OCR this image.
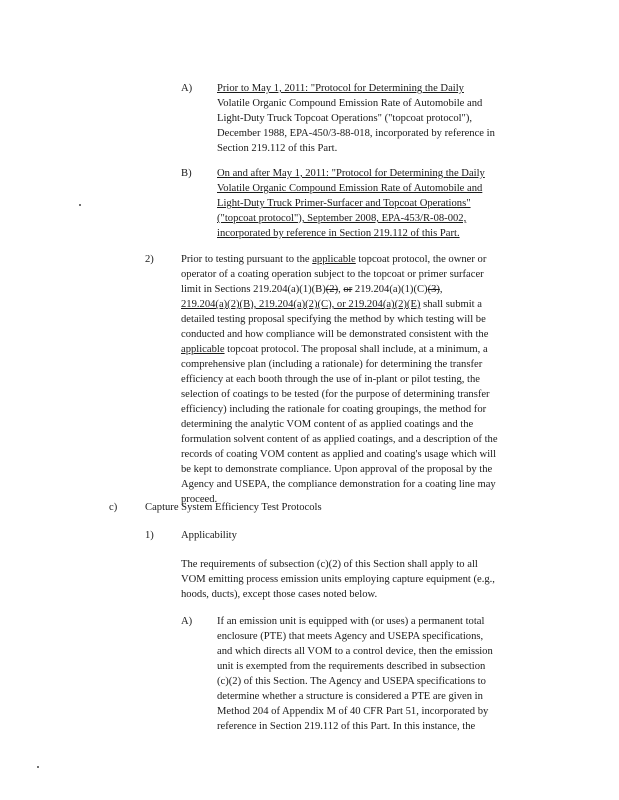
A) Prior to May 1, 2011: "Protocol for Determining the Daily
Volatile Organic Compound Emission Rate of Automobile and
Light-Duty Truck Topcoat Operations" ("topcoat protocol"),
December 1988, EPA-450/3-88-018, incorporated by reference in
Section 219.112 of this Part.
B) On and after May 1, 2011: "Protocol for Determining the Daily
Volatile Organic Compound Emission Rate of Automobile and
Light-Duty Truck Primer-Surfacer and Topcoat Operations"
("topcoat protocol"), September 2008, EPA-453/R-08-002,
incorporated by reference in Section 219.112 of this Part.
2)	Prior to testing pursuant to the applicable topcoat protocol, the owner or
operator of a coating operation subject to the topcoat or primer surfacer
limit in Sections 219.204(a)(1)(B)(2), or 219.204(a)(1)(C)(3),
219.204(a)(2)(B), 219.204(a)(2)(C), or 219.204(a)(2)(E) shall submit a
detailed testing proposal specifying the method by which testing will be
conducted and how compliance will be demonstrated consistent with the
applicable topcoat protocol. The proposal shall include, at a minimum, a
comprehensive plan (including a rationale) for determining the transfer
efficiency at each booth through the use of in-plant or pilot testing, the
selection of coatings to be tested (for the purpose of determining transfer
efficiency) including the rationale for coating groupings, the method for
determining the analytic VOM content of as applied coatings and the
formulation solvent content of as applied coatings, and a description of the
records of coating VOM content as applied and coating's usage which will
be kept to demonstrate compliance. Upon approval of the proposal by the
Agency and USEPA, the compliance demonstration for a coating line may
proceed.
c)	Capture System Efficiency Test Protocols
1)	Applicability
The requirements of subsection (c)(2) of this Section shall apply to all
VOM emitting process emission units employing capture equipment (e.g.,
hoods, ducts), except those cases noted below.
A) If an emission unit is equipped with (or uses) a permanent total
enclosure (PTE) that meets Agency and USEPA specifications,
and which directs all VOM to a control device, then the emission
unit is exempted from the requirements described in subsection
(c)(2) of this Section. The Agency and USEPA specifications to
determine whether a structure is considered a PTE are given in
Method 204 of Appendix M of 40 CFR Part 51, incorporated by
reference in Section 219.112 of this Part. In this instance, the
